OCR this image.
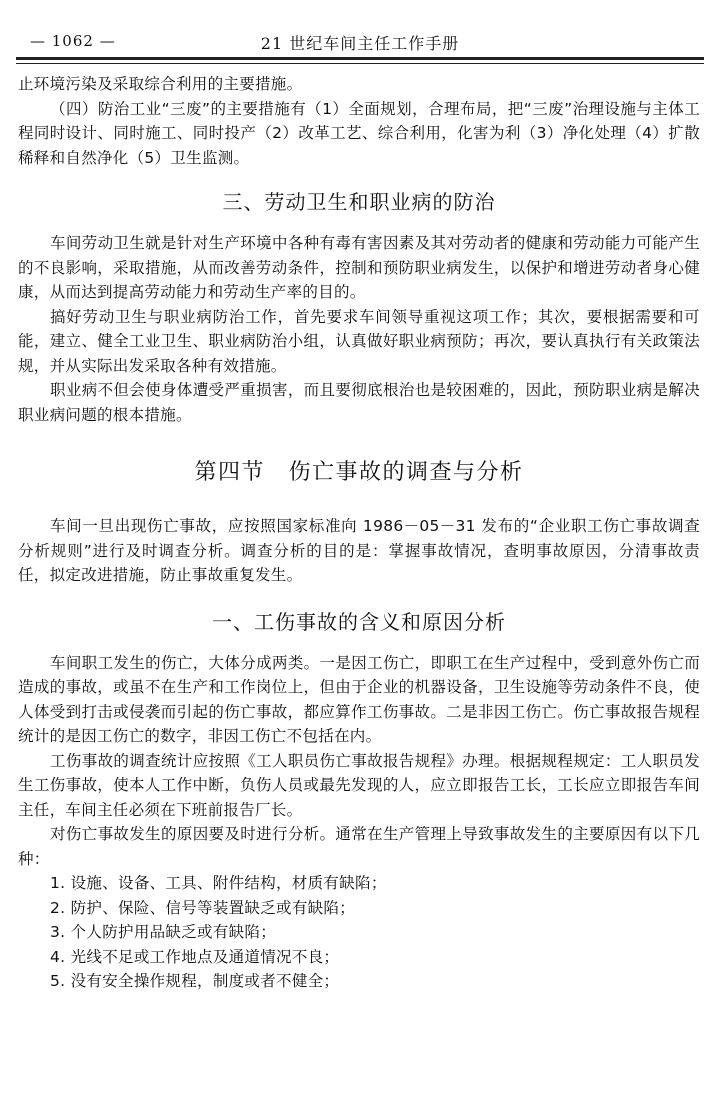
— 1062 —	21 世纪车间主任工作手册

止环境污染及采取综合利用的主要措施。

（四）防治工业“三废”的主要措施有（1）全面规划，合理布局，把“三废”治理设施与主体工程同时设计、同时施工、同时投产（2）改革工艺、综合利用，化害为利（3）净化处理（4）扩散稀释和自然净化（5）卫生监测。

三、劳动卫生和职业病的防治

车间劳动卫生就是针对生产环境中各种有毒有害因素及其对劳动者的健康和劳动能力可能产生的不良影响，采取措施，从而改善劳动条件，控制和预防职业病发生，以保护和增进劳动者身心健康，从而达到提高劳动能力和劳动生产率的目的。

搞好劳动卫生与职业病防治工作，首先要求车间领导重视这项工作；其次，要根据需要和可能，建立、健全工业卫生、职业病防治小组，认真做好职业病预防；再次，要认真执行有关政策法规，并从实际出发采取各种有效措施。

职业病不但会使身体遭受严重损害，而且要彻底根治也是较困难的，因此，预防职业病是解决职业病问题的根本措施。

第四节　伤亡事故的调查与分析

车间一旦出现伤亡事故，应按照国家标准向 1986－05－31 发布的“企业职工伤亡事故调查分析规则”进行及时调查分析。调查分析的目的是：掌握事故情况，查明事故原因，分清事故责任，拟定改进措施，防止事故重复发生。

一、工伤事故的含义和原因分析

车间职工发生的伤亡，大体分成两类。一是因工伤亡，即职工在生产过程中，受到意外伤亡而造成的事故，或虽不在生产和工作岗位上，但由于企业的机器设备，卫生设施等劳动条件不良，使人体受到打击或侵袭而引起的伤亡事故，都应算作工伤事故。二是非因工伤亡。伤亡事故报告规程统计的是因工伤亡的数字，非因工伤亡不包括在内。

工伤事故的调查统计应按照《工人职员伤亡事故报告规程》办理。根据规程规定：工人职员发生工伤事故，使本人工作中断，负伤人员或最先发现的人，应立即报告工长，工长应立即报告车间主任，车间主任必须在下班前报告厂长。

对伤亡事故发生的原因要及时进行分析。通常在生产管理上导致事故发生的主要原因有以下几种：

1. 设施、设备、工具、附件结构，材质有缺陷；

2. 防护、保险、信号等装置缺乏或有缺陷；

3. 个人防护用品缺乏或有缺陷；

4. 光线不足或工作地点及通道情况不良；

5. 没有安全操作规程，制度或者不健全；
